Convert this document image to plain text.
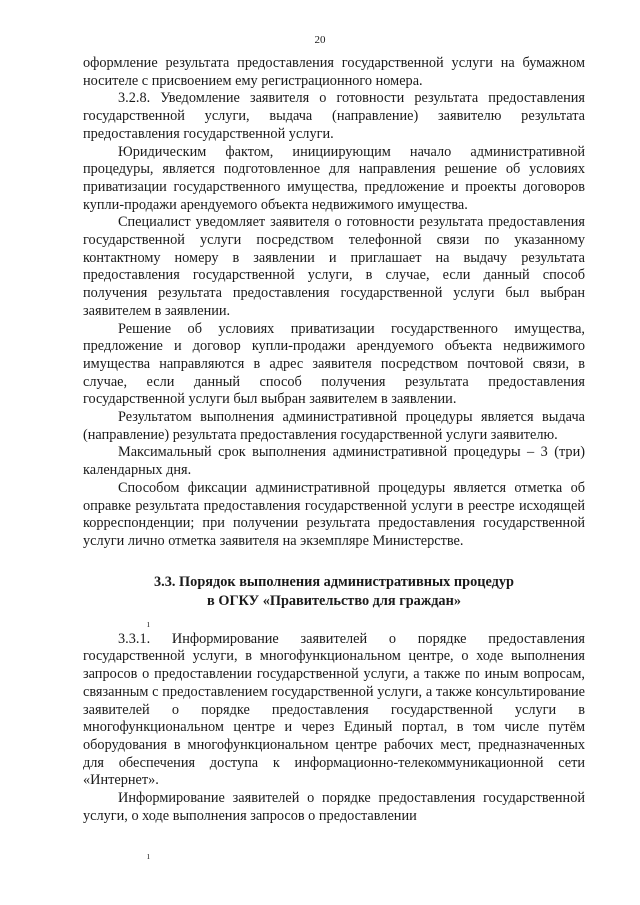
20

оформление результата предоставления государственной услуги на бумажном носителе с присвоением ему регистрационного номера.

3.2.8. Уведомление заявителя о готовности результата предоставления государственной услуги, выдача (направление) заявителю результата предоставления государственной услуги.

Юридическим фактом, инициирующим начало административной процедуры, является подготовленное для направления решение об условиях приватизации государственного имущества, предложение и проекты договоров купли-продажи арендуемого объекта недвижимого имущества.

Специалист уведомляет заявителя о готовности результата предоставления государственной услуги посредством телефонной связи по указанному контактному номеру в заявлении и приглашает на выдачу результата предоставления государственной услуги, в случае, если данный способ получения результата предоставления государственной услуги был выбран заявителем в заявлении.

Решение об условиях приватизации государственного имущества, предложение и договор купли-продажи арендуемого объекта недвижимого имущества направляются в адрес заявителя посредством почтовой связи, в случае, если данный способ получения результата предоставления государственной услуги был выбран заявителем в заявлении.

Результатом выполнения административной процедуры является выдача (направление) результата предоставления государственной услуги заявителю.

Максимальный срок выполнения административной процедуры – 3 (три) календарных дня.

Способом фиксации административной процедуры является отметка об оправке результата предоставления государственной услуги в реестре исходящей корреспонденции; при получении результата предоставления государственной услуги лично отметка заявителя на экземпляре Министерстве.

3.3. Порядок выполнения административных процедур
в ОГКУ «Правительство для граждан»

3.3.1. Информирование заявителей о порядке предоставления государственной услуги, в многофункциональном центре, о ходе выполнения запросов о предоставлении государственной услуги, а также по иным вопросам, связанным с предоставлением государственной услуги, а также консультирование заявителей о порядке предоставления государственной услуги в многофункциональном центре и через Единый портал, в том числе путём оборудования в многофункциональном центре рабочих мест, предназначенных для обеспечения доступа к информационно-телекоммуникационной сети «Интернет».

Информирование заявителей о порядке предоставления государственной услуги, о ходе выполнения запросов о предоставлении

ı
ı
